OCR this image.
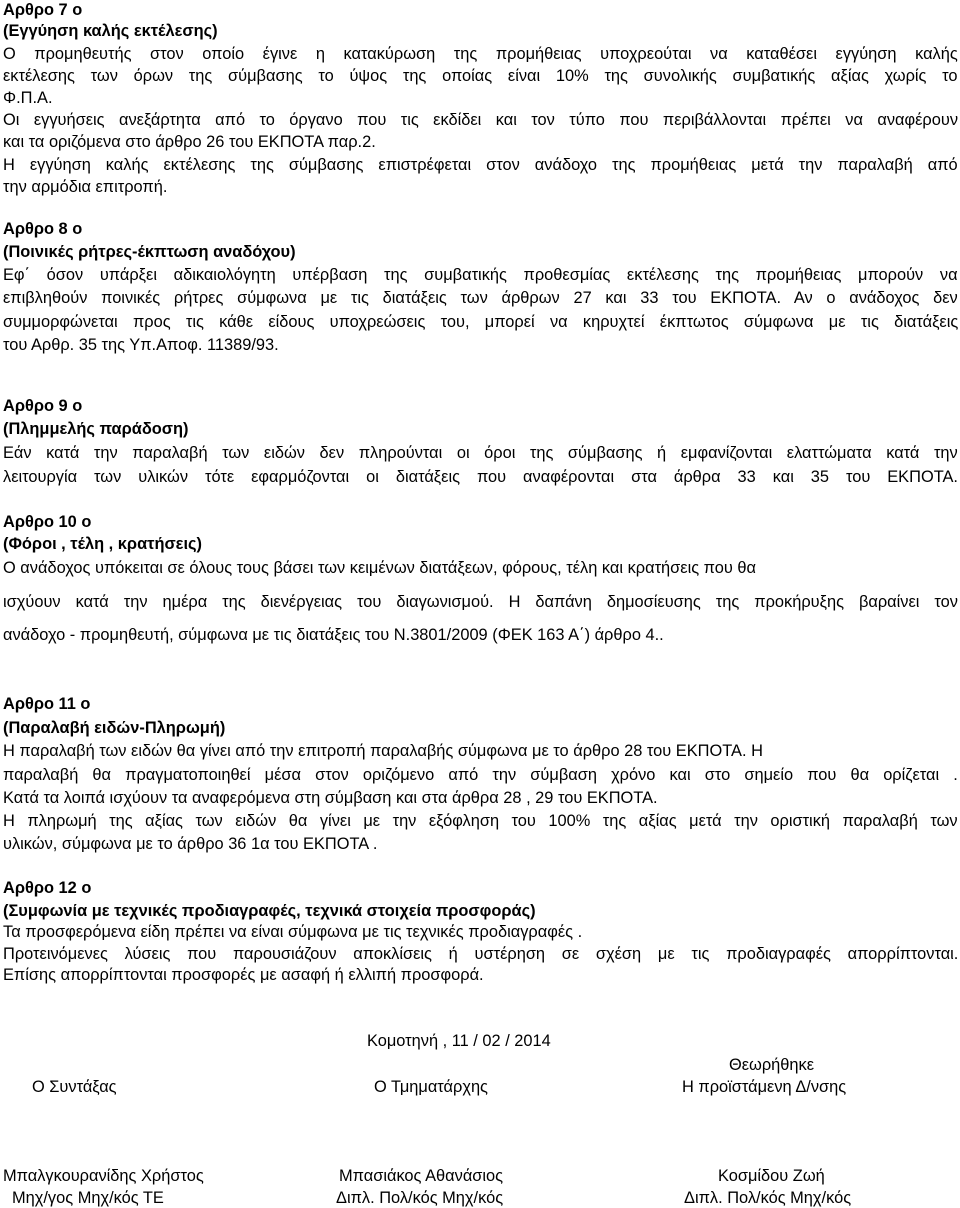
Αρθρο 7 ο
(Εγγύηση καλής εκτέλεσης)
Ο προμηθευτής στον οποίο έγινε η κατακύρωση της προμήθειας υποχρεούται να καταθέσει εγγύηση καλής
εκτέλεσης των όρων της σύμβασης το ύψος της οποίας είναι 10% της συνολικής συμβατικής αξίας χωρίς το
Φ.Π.Α.
Οι εγγυήσεις ανεξάρτητα από το όργανο που τις εκδίδει και τον τύπο που περιβάλλονται πρέπει να αναφέρουν
και τα οριζόμενα στο άρθρο 26 του ΕΚΠΟΤΑ παρ.2.
Η εγγύηση καλής εκτέλεσης της σύμβασης επιστρέφεται στον ανάδοχο της προμήθειας μετά την παραλαβή από
την αρμόδια επιτροπή.
Αρθρο 8 ο
(Ποινικές ρήτρες-έκπτωση αναδόχου)
Εφ΄ όσον υπάρξει αδικαιολόγητη υπέρβαση της συμβατικής προθεσμίας εκτέλεσης της προμήθειας μπορούν να
επιβληθούν ποινικές ρήτρες σύμφωνα με τις διατάξεις των άρθρων 27 και 33 του ΕΚΠΟΤΑ. Αν ο ανάδοχος δεν
συμμορφώνεται προς τις κάθε είδους υποχρεώσεις του, μπορεί να κηρυχτεί έκπτωτος σύμφωνα με τις διατάξεις
του Αρθρ. 35 της Υπ.Αποφ. 11389/93.
Αρθρο 9 ο
(Πλημμελής παράδοση)
Εάν κατά την παραλαβή των ειδών δεν πληρούνται οι όροι της σύμβασης ή εμφανίζονται ελαττώματα κατά την
λειτουργία των υλικών τότε εφαρμόζονται οι διατάξεις που αναφέρονται στα άρθρα 33 και 35 του ΕΚΠΟΤΑ.
Αρθρο 10 ο
(Φόροι , τέλη , κρατήσεις)
Ο ανάδοχος υπόκειται σε όλους τους βάσει των κειμένων διατάξεων, φόρους, τέλη και κρατήσεις που θα
ισχύουν κατά την ημέρα της διενέργειας του διαγωνισμού. Η δαπάνη δημοσίευσης της προκήρυξης βαραίνει τον
ανάδοχο - προμηθευτή, σύμφωνα με τις διατάξεις του Ν.3801/2009 (ΦΕΚ 163 Α΄) άρθρο 4..
Αρθρο 11 ο
(Παραλαβή ειδών-Πληρωμή)
Η παραλαβή των ειδών θα γίνει από την επιτροπή παραλαβής σύμφωνα με το άρθρο 28 του ΕΚΠΟΤΑ. Η
παραλαβή θα πραγματοποιηθεί μέσα στον οριζόμενο από την σύμβαση χρόνο και στο σημείο που θα ορίζεται .
Κατά τα λοιπά ισχύουν τα αναφερόμενα στη σύμβαση και στα άρθρα 28 , 29 του ΕΚΠΟΤΑ.
Η πληρωμή της αξίας των ειδών θα γίνει με την εξόφληση του 100% της αξίας μετά την οριστική παραλαβή των
υλικών, σύμφωνα με το άρθρο 36 1α του ΕΚΠΟΤΑ .
Αρθρο 12 ο
(Συμφωνία με τεχνικές προδιαγραφές, τεχνικά στοιχεία προσφοράς)
Τα προσφερόμενα είδη πρέπει να είναι σύμφωνα με τις τεχνικές προδιαγραφές .
Προτεινόμενες λύσεις που παρουσιάζουν αποκλίσεις ή υστέρηση σε σχέση με τις προδιαγραφές απορρίπτονται.
Επίσης απορρίπτονται προσφορές με ασαφή ή ελλιπή προσφορά.
Κομοτηνή , 11 / 02 / 2014
Θεωρήθηκε
Ο Συντάξας	Ο Τμηματάρχης	Η προϊστάμενη Δ/νσης
Μπαλγκουρανίδης Χρήστος	Μπασιάκος Αθανάσιος	Κοσμίδου Ζωή
Μηχ/γος Μηχ/κός ΤΕ	Διπλ. Πολ/κός Μηχ/κός	Διπλ. Πολ/κός Μηχ/κός
